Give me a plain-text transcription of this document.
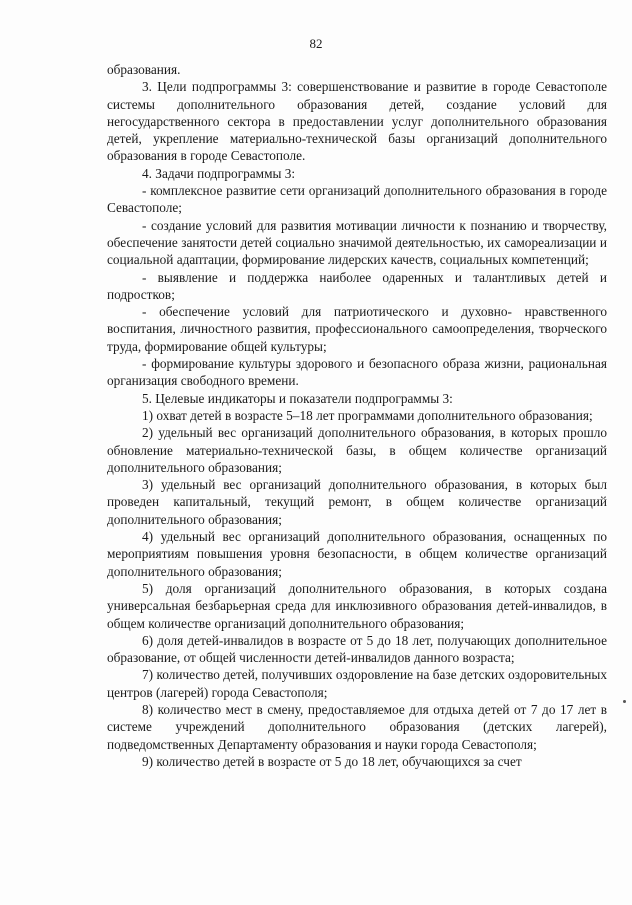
82

образования.

3. Цели подпрограммы 3: совершенствование и развитие в городе Севастополе системы дополнительного образования детей, создание условий для негосударственного сектора в предоставлении услуг дополнительного образования детей, укрепление материально-технической базы организаций дополнительного образования в городе Севастополе.

4. Задачи подпрограммы 3:

- комплексное развитие сети организаций дополнительного образования в городе Севастополе;

- создание условий для развития мотивации личности к познанию и творчеству, обеспечение занятости детей социально значимой деятельностью, их самореализации и социальной адаптации, формирование лидерских качеств, социальных компетенций;

- выявление и поддержка наиболее одаренных и талантливых детей и подростков;

- обеспечение условий для патриотического и духовно- нравственного воспитания, личностного развития, профессионального самоопределения, творческого труда, формирование общей культуры;

- формирование культуры здорового и безопасного образа жизни, рациональная организация свободного времени.

5. Целевые индикаторы и показатели подпрограммы 3:

1) охват детей в возрасте 5–18 лет программами дополнительного образования;

2) удельный вес организаций дополнительного образования, в которых прошло обновление материально-технической базы, в общем количестве организаций дополнительного образования;

3) удельный вес организаций дополнительного образования, в которых был проведен капитальный, текущий ремонт, в общем количестве организаций дополнительного образования;

4) удельный вес организаций дополнительного образования, оснащенных по мероприятиям повышения уровня безопасности, в общем количестве организаций дополнительного образования;

5) доля организаций дополнительного образования, в которых создана универсальная безбарьерная среда для инклюзивного образования детей-инвалидов, в общем количестве организаций дополнительного образования;

6) доля детей-инвалидов в возрасте от 5 до 18 лет, получающих дополнительное образование, от общей численности детей-инвалидов данного возраста;

7) количество детей, получивших оздоровление на базе детских оздоровительных центров (лагерей) города Севастополя;

8) количество мест в смену, предоставляемое для отдыха детей от 7 до 17 лет в системе учреждений дополнительного образования (детских лагерей), подведомственных Департаменту образования и науки города Севастополя;

9) количество детей в возрасте от 5 до 18 лет, обучающихся за счет
